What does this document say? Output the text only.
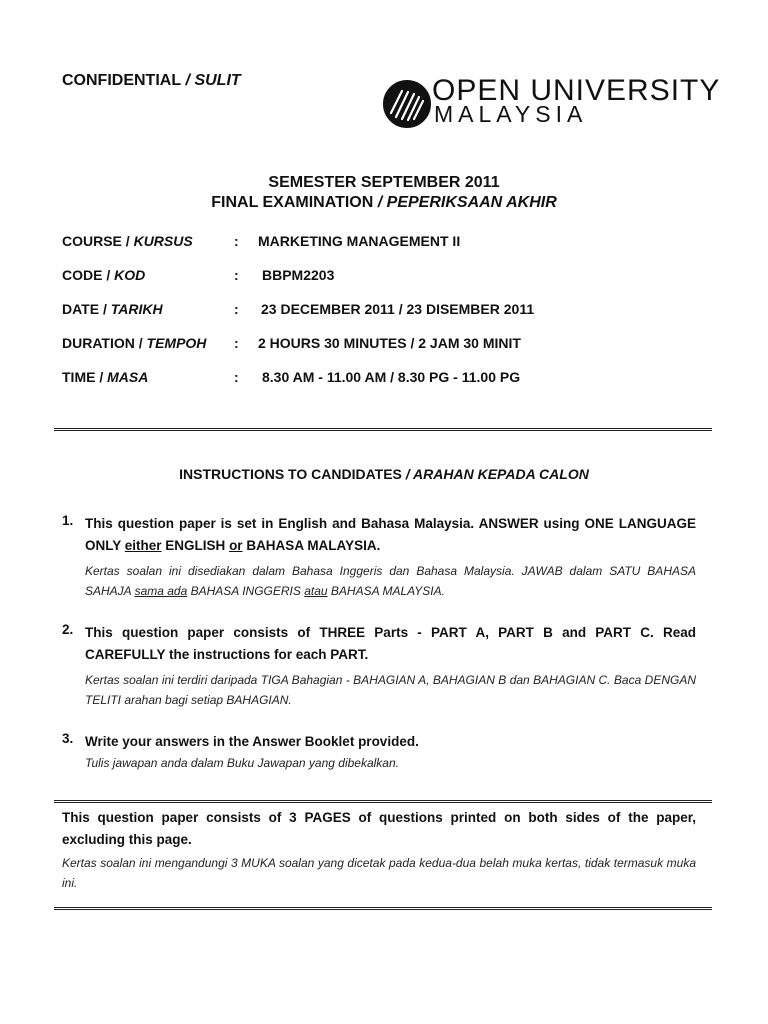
CONFIDENTIAL / SULIT	OPEN UNIVERSITY
MALAYSIA
SEMESTER SEPTEMBER 2011
FINAL EXAMINATION / PEPERIKSAAN AKHIR
COURSE / KURSUS	: MARKETING MANAGEMENT II
CODE / KOD	: BBPM2203
DATE / TARIKH	: 23 DECEMBER 2011 / 23 DISEMBER 2011
DURATION / TEMPOH : 2 HOURS 30 MINUTES / 2 JAM 30 MINIT
TIME / MASA	: 8.30 AM - 11.00 AM / 8.30 PG - 11.00 PG
INSTRUCTIONS TO CANDIDATES / ARAHAN KEPADA CALON
1. This question paper is set in English and Bahasa Malaysia. ANSWER using ONE LANGUAGE ONLY either ENGLISH or BAHASA MALAYSIA.
Kertas soalan ini disediakan dalam Bahasa Inggeris dan Bahasa Malaysia. JAWAB dalam SATU BAHASA SAHAJA sama ada BAHASA INGGERIS atau BAHASA MALAYSIA.
2. This question paper consists of THREE Parts - PART A, PART B and PART C. Read CAREFULLY the instructions for each PART.
Kertas soalan ini terdiri daripada TIGA Bahagian - BAHAGIAN A, BAHAGIAN B dan BAHAGIAN C. Baca DENGAN TELITI arahan bagi setiap BAHAGIAN.
3. Write your answers in the Answer Booklet provided.
Tulis jawapan anda dalam Buku Jawapan yang dibekalkan.
This question paper consists of 3 PAGES of questions printed on both sides of the paper, excluding this page.
Kertas soalan ini mengandungi 3 MUKA soalan yang dicetak pada kedua-dua belah muka kertas, tidak termasuk muka ini.
